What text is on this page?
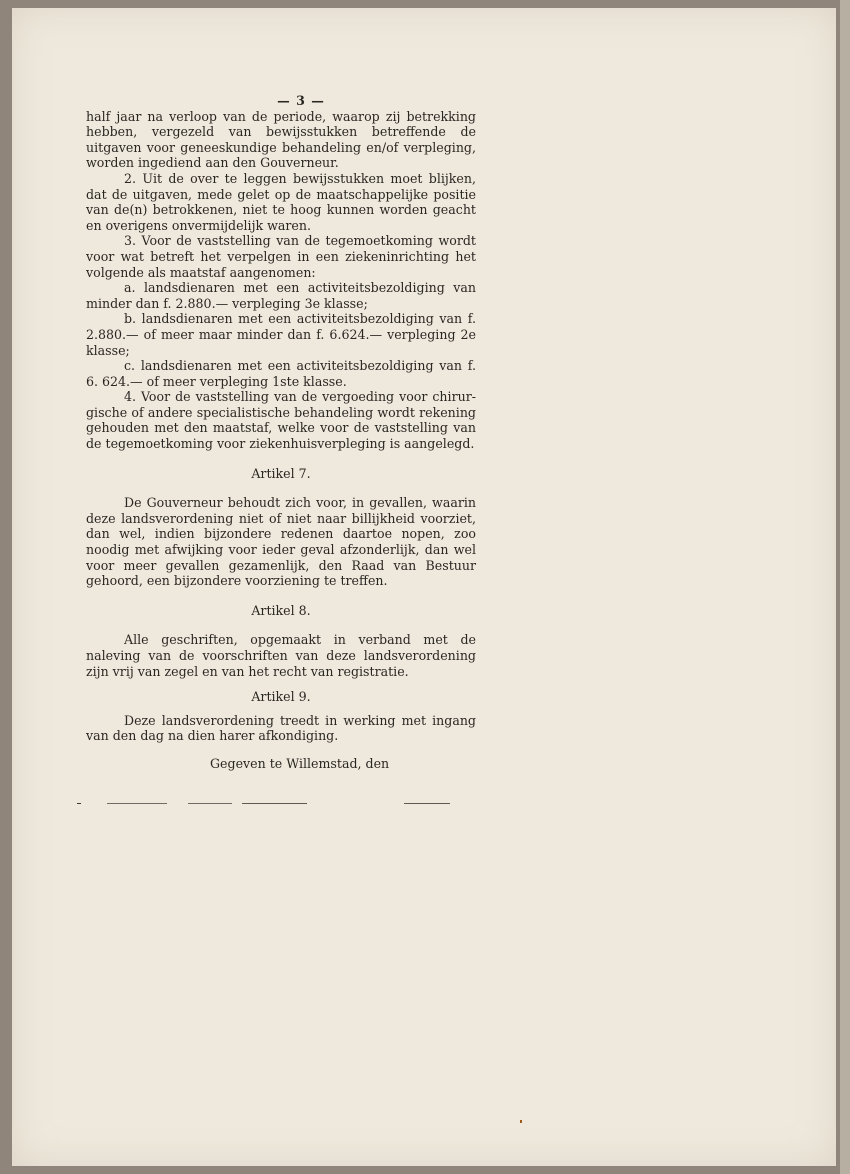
— 3 —

half jaar na verloop van de periode, waarop zij betrekking hebben, vergezeld van bewijsstukken betreffende de uitgaven voor geneeskundige behandeling en/of verpleging, worden ingediend aan den Gouverneur.

2. Uit de over te leggen bewijsstukken moet blijken, dat de uitgaven, mede gelet op de maatschappelijke positie van de(n) betrokkenen, niet te hoog kunnen worden geacht en overigens onvermijdelijk waren.

3. Voor de vaststelling van de tegemoetkoming wordt voor wat betreft het verpelgen in een ziekeninrichting het volgende als maatstaf aangenomen:

a. landsdienaren met een activiteitsbezoldiging van minder dan f. 2.880.— verpleging 3e klasse;

b. landsdienaren met een activiteitsbezoldiging van f. 2.880.— of meer maar minder dan f. 6.624.— verpleging 2e klasse;

c. landsdienaren met een activiteitsbezoldiging van f. 6. 624.— of meer verpleging 1ste klasse.

4. Voor de vaststelling van de vergoeding voor chirurgische of andere specialistische behandeling wordt rekening gehouden met den maatstaf, welke voor de vaststelling van de tegemoetkoming voor ziekenhuisverpleging is aangelegd.

Artikel 7.

De Gouverneur behoudt zich voor, in gevallen, waarin deze landsverordening niet of niet naar billijkheid voorziet, dan wel, indien bijzondere redenen daartoe nopen, zoo noodig met afwijking voor ieder geval afzonderlijk, dan wel voor meer gevallen gezamenlijk, den Raad van Bestuur gehoord, een bijzondere voorziening te treffen.

Artikel 8.

Alle geschriften, opgemaakt in verband met de naleving van de voorschriften van deze landsverordening zijn vrij van zegel en van het recht van registratie.

Artikel 9.

Deze landsverordening treedt in werking met ingang van den dag na dien harer afkondiging.

Gegeven te Willemstad, den
